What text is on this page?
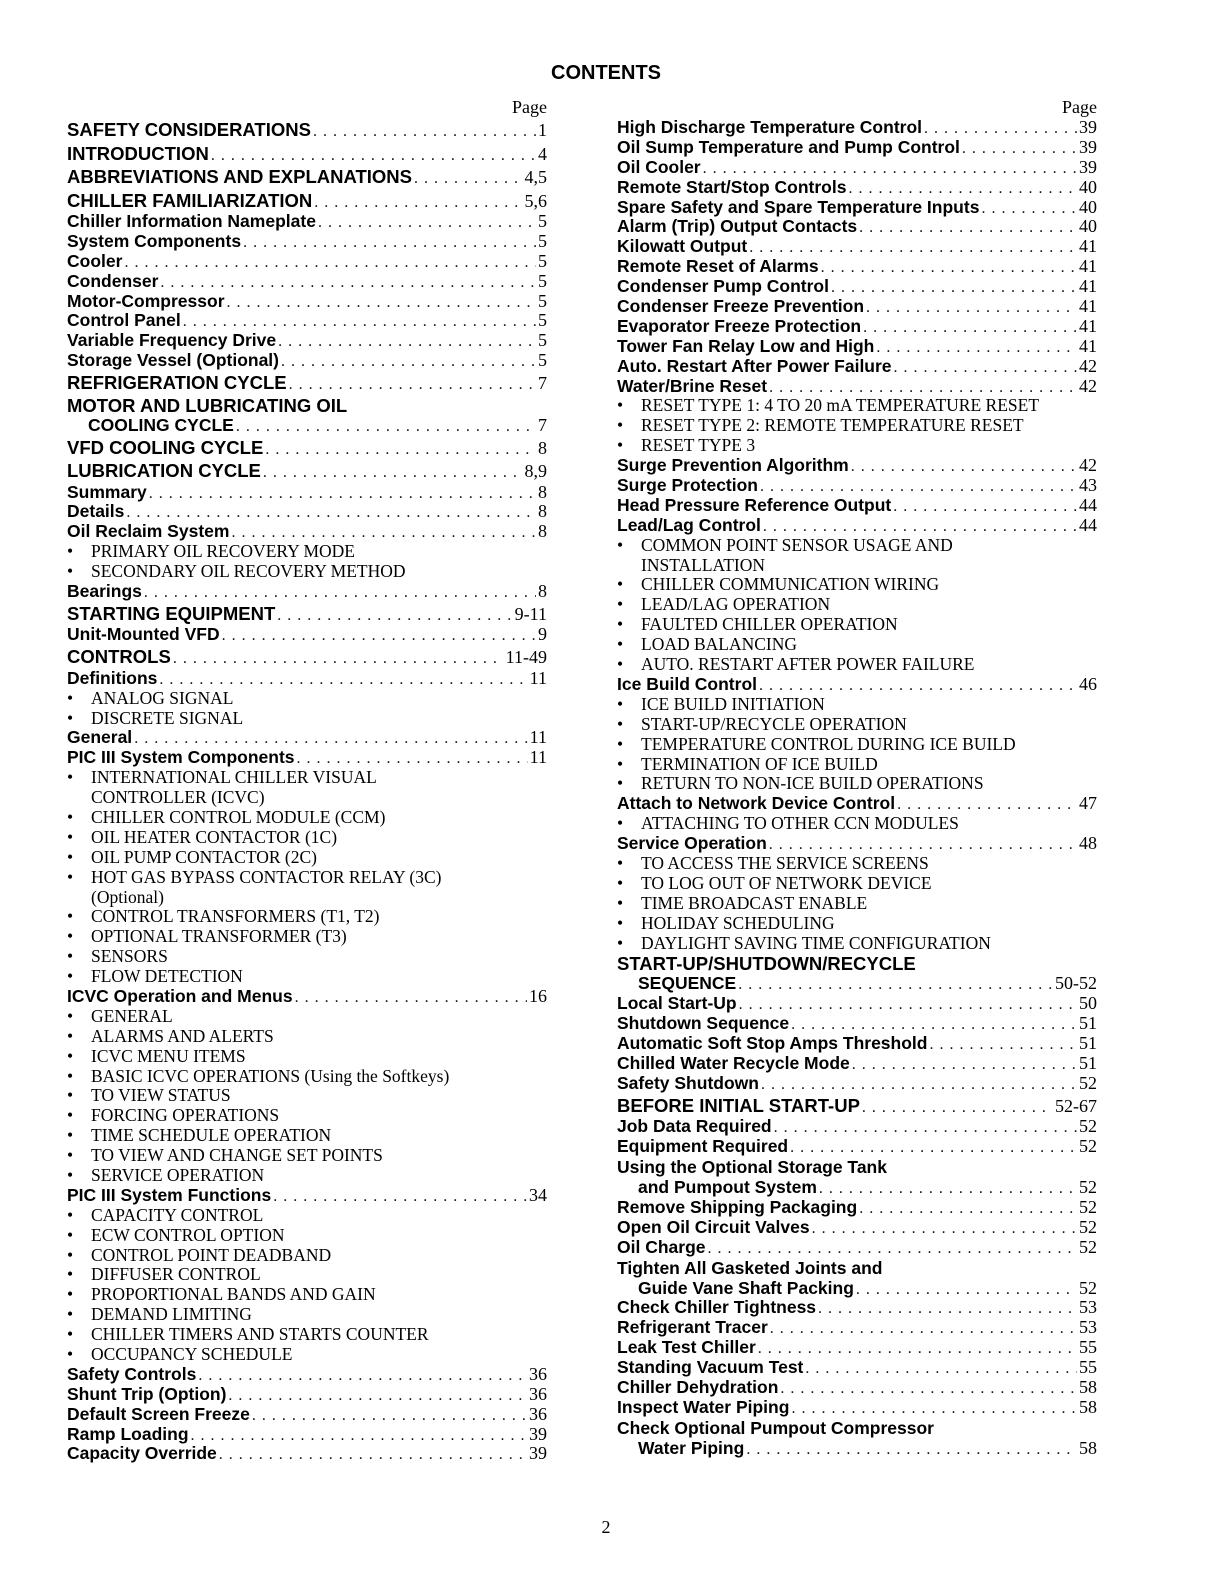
CONTENTS
Page
SAFETY CONSIDERATIONS . . .	1
INTRODUCTION . . .	4
ABBREVIATIONS AND EXPLANATIONS . . .	4,5
CHILLER FAMILIARIZATION . . .	5,6
Chiller Information Nameplate . . .	5
System Components . . .	5
Cooler . . .	5
Condenser . . .	5
Motor-Compressor . . .	5
Control Panel . . .	5
Variable Frequency Drive . . .	5
Storage Vessel (Optional) . . .	5
REFRIGERATION CYCLE . . .	7
MOTOR AND LUBRICATING OIL
COOLING CYCLE . . .	7
VFD COOLING CYCLE . . .	8
LUBRICATION CYCLE . . .	8,9
Summary . . .	8
Details . . .	8
Oil Reclaim System . . .	8
• PRIMARY OIL RECOVERY MODE
• SECONDARY OIL RECOVERY METHOD
Bearings . . .	8
STARTING EQUIPMENT . . .	9-11
Unit-Mounted VFD . . .	9
CONTROLS . . .	11-49
Definitions . . .	11
• ANALOG SIGNAL
• DISCRETE SIGNAL
General . . .	11
PIC III System Components . . .	11
• INTERNATIONAL CHILLER VISUAL
CONTROLLER (ICVC)
• CHILLER CONTROL MODULE (CCM)
• OIL HEATER CONTACTOR (1C)
• OIL PUMP CONTACTOR (2C)
• HOT GAS BYPASS CONTACTOR RELAY (3C)
(Optional)
• CONTROL TRANSFORMERS (T1, T2)
• OPTIONAL TRANSFORMER (T3)
• SENSORS
• FLOW DETECTION
ICVC Operation and Menus . . .	16
• GENERAL
• ALARMS AND ALERTS
• ICVC MENU ITEMS
• BASIC ICVC OPERATIONS (Using the Softkeys)
• TO VIEW STATUS
• FORCING OPERATIONS
• TIME SCHEDULE OPERATION
• TO VIEW AND CHANGE SET POINTS
• SERVICE OPERATION
PIC III System Functions . . .	34
• CAPACITY CONTROL
• ECW CONTROL OPTION
• CONTROL POINT DEADBAND
• DIFFUSER CONTROL
• PROPORTIONAL BANDS AND GAIN
• DEMAND LIMITING
• CHILLER TIMERS AND STARTS COUNTER
• OCCUPANCY SCHEDULE
Safety Controls . . .	36
Shunt Trip (Option) . . .	36
Default Screen Freeze . . .	36
Ramp Loading . . .	39
Capacity Override . . .	39
Page
High Discharge Temperature Control . . .	39
Oil Sump Temperature and Pump Control . . .	39
Oil Cooler . . .	39
Remote Start/Stop Controls . . .	40
Spare Safety and Spare Temperature Inputs . . .	40
Alarm (Trip) Output Contacts . . .	40
Kilowatt Output . . .	41
Remote Reset of Alarms . . .	41
Condenser Pump Control . . .	41
Condenser Freeze Prevention . . .	41
Evaporator Freeze Protection . . .	41
Tower Fan Relay Low and High . . .	41
Auto. Restart After Power Failure . . .	42
Water/Brine Reset . . .	42
• RESET TYPE 1: 4 TO 20 mA TEMPERATURE RESET
• RESET TYPE 2: REMOTE TEMPERATURE RESET
• RESET TYPE 3
Surge Prevention Algorithm . . .	42
Surge Protection . . .	43
Head Pressure Reference Output . . .	44
Lead/Lag Control . . .	44
• COMMON POINT SENSOR USAGE AND
INSTALLATION
• CHILLER COMMUNICATION WIRING
• LEAD/LAG OPERATION
• FAULTED CHILLER OPERATION
• LOAD BALANCING
• AUTO. RESTART AFTER POWER FAILURE
Ice Build Control . . .	46
• ICE BUILD INITIATION
• START-UP/RECYCLE OPERATION
• TEMPERATURE CONTROL DURING ICE BUILD
• TERMINATION OF ICE BUILD
• RETURN TO NON-ICE BUILD OPERATIONS
Attach to Network Device Control . . .	47
• ATTACHING TO OTHER CCN MODULES
Service Operation . . .	48
• TO ACCESS THE SERVICE SCREENS
• TO LOG OUT OF NETWORK DEVICE
• TIME BROADCAST ENABLE
• HOLIDAY SCHEDULING
• DAYLIGHT SAVING TIME CONFIGURATION
START-UP/SHUTDOWN/RECYCLE
SEQUENCE . . .	50-52
Local Start-Up . . .	50
Shutdown Sequence . . .	51
Automatic Soft Stop Amps Threshold . . .	51
Chilled Water Recycle Mode . . .	51
Safety Shutdown . . .	52
BEFORE INITIAL START-UP . . .	52-67
Job Data Required . . .	52
Equipment Required . . .	52
Using the Optional Storage Tank
and Pumpout System . . .	52
Remove Shipping Packaging . . .	52
Open Oil Circuit Valves . . .	52
Oil Charge . . .	52
Tighten All Gasketed Joints and
Guide Vane Shaft Packing . . .	52
Check Chiller Tightness . . .	53
Refrigerant Tracer . . .	53
Leak Test Chiller . . .	55
Standing Vacuum Test . . .	55
Chiller Dehydration . . .	58
Inspect Water Piping . . .	58
Check Optional Pumpout Compressor
Water Piping . . .	58
2
